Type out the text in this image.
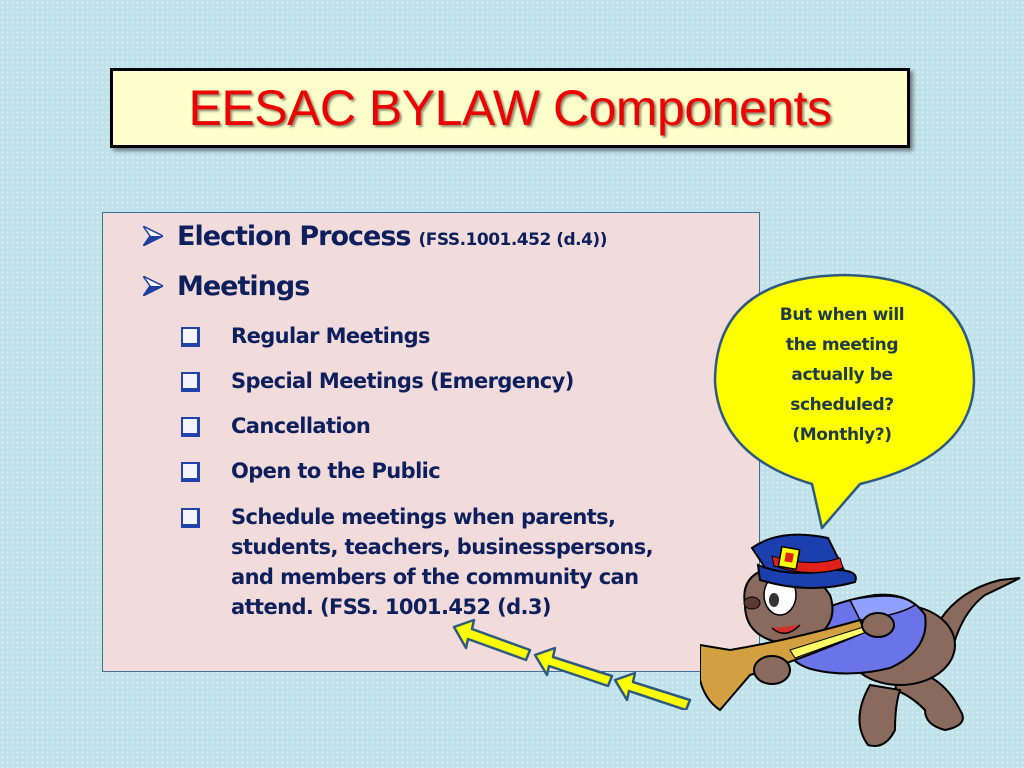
EESAC BYLAW Components
Election Process (FSS.1001.452 (d.4))
Meetings
Regular Meetings
Special Meetings (Emergency)
Cancellation
Open to the Public
Schedule meetings when parents, students, teachers, businesspersons, and members of the community can attend. (FSS. 1001.452 (d.3)
But when will
the meeting
actually be
scheduled?
(Monthly?)
